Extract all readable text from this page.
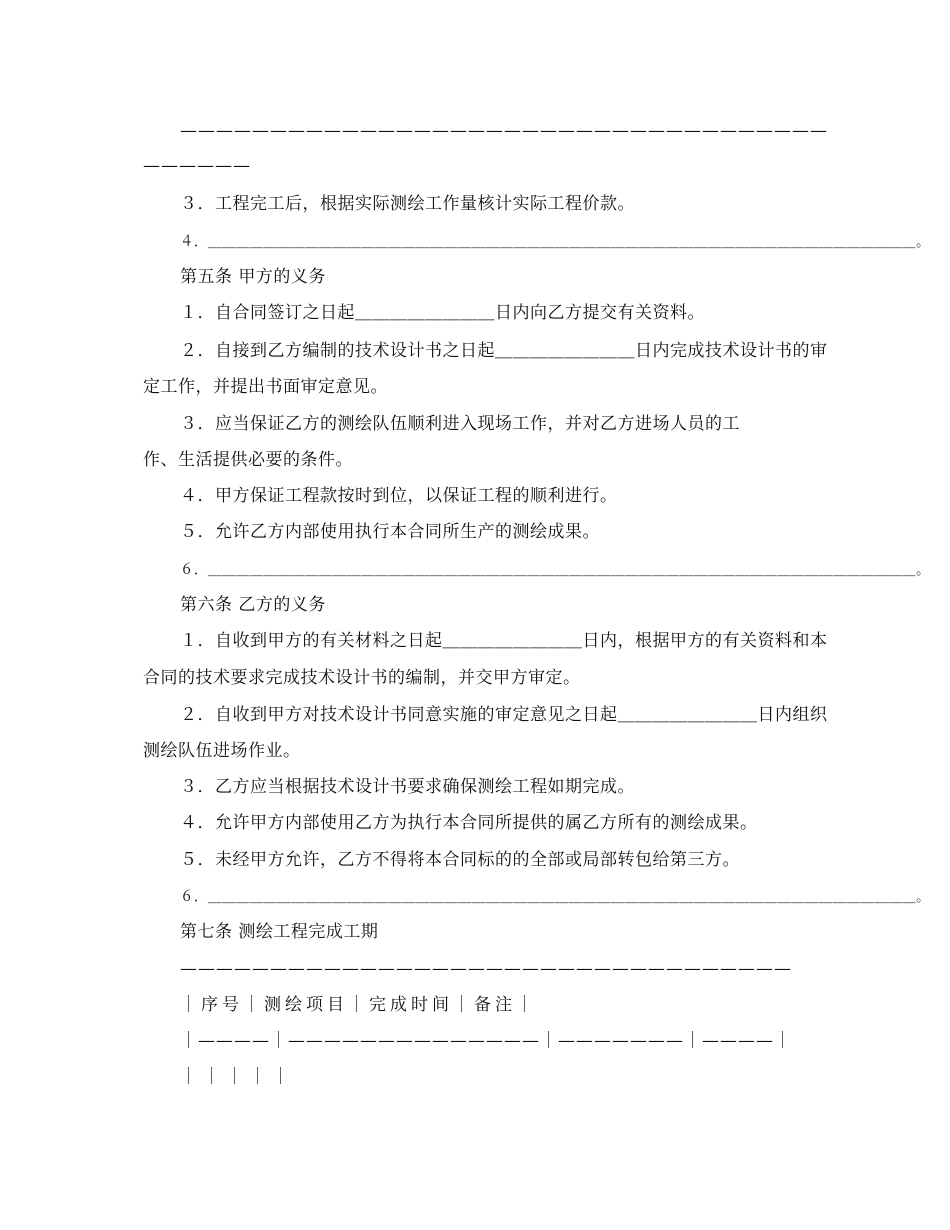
————————————————————————————————————
——————
３．工程完工后，根据实际测绘工作量核计实际工程价款。
４．＿＿＿＿＿＿＿＿＿＿＿＿＿＿＿＿＿＿＿＿＿＿＿＿＿＿＿＿＿＿＿＿＿＿＿＿＿＿＿＿＿＿＿＿＿＿＿＿＿＿＿。
第五条 甲方的义务
１．自合同签订之日起＿＿＿＿＿＿＿＿日内向乙方提交有关资料。
２．自接到乙方编制的技术设计书之日起＿＿＿＿＿＿＿＿日内完成技术设计书的审
定工作，并提出书面审定意见。
３．应当保证乙方的测绘队伍顺利进入现场工作，并对乙方进场人员的工
作、生活提供必要的条件。
４．甲方保证工程款按时到位，以保证工程的顺利进行。
５．允许乙方内部使用执行本合同所生产的测绘成果。
６．＿＿＿＿＿＿＿＿＿＿＿＿＿＿＿＿＿＿＿＿＿＿＿＿＿＿＿＿＿＿＿＿＿＿＿＿＿＿＿＿＿＿＿＿＿＿＿＿＿＿＿。
第六条 乙方的义务
１．自收到甲方的有关材料之日起＿＿＿＿＿＿＿＿日内，根据甲方的有关资料和本
合同的技术要求完成技术设计书的编制，并交甲方审定。
２．自收到甲方对技术设计书同意实施的审定意见之日起＿＿＿＿＿＿＿＿日内组织
测绘队伍进场作业。
３．乙方应当根据技术设计书要求确保测绘工程如期完成。
４．允许甲方内部使用乙方为执行本合同所提供的属乙方所有的测绘成果。
５．未经甲方允许，乙方不得将本合同标的的全部或局部转包给第三方。
６．＿＿＿＿＿＿＿＿＿＿＿＿＿＿＿＿＿＿＿＿＿＿＿＿＿＿＿＿＿＿＿＿＿＿＿＿＿＿＿＿＿＿＿＿＿＿＿＿＿＿＿。
第七条 测绘工程完成工期
——————————————————————————————————
｜序号｜测绘项目｜完成时间｜备注｜
｜————｜——————————————｜———————｜————｜
｜｜｜｜｜
